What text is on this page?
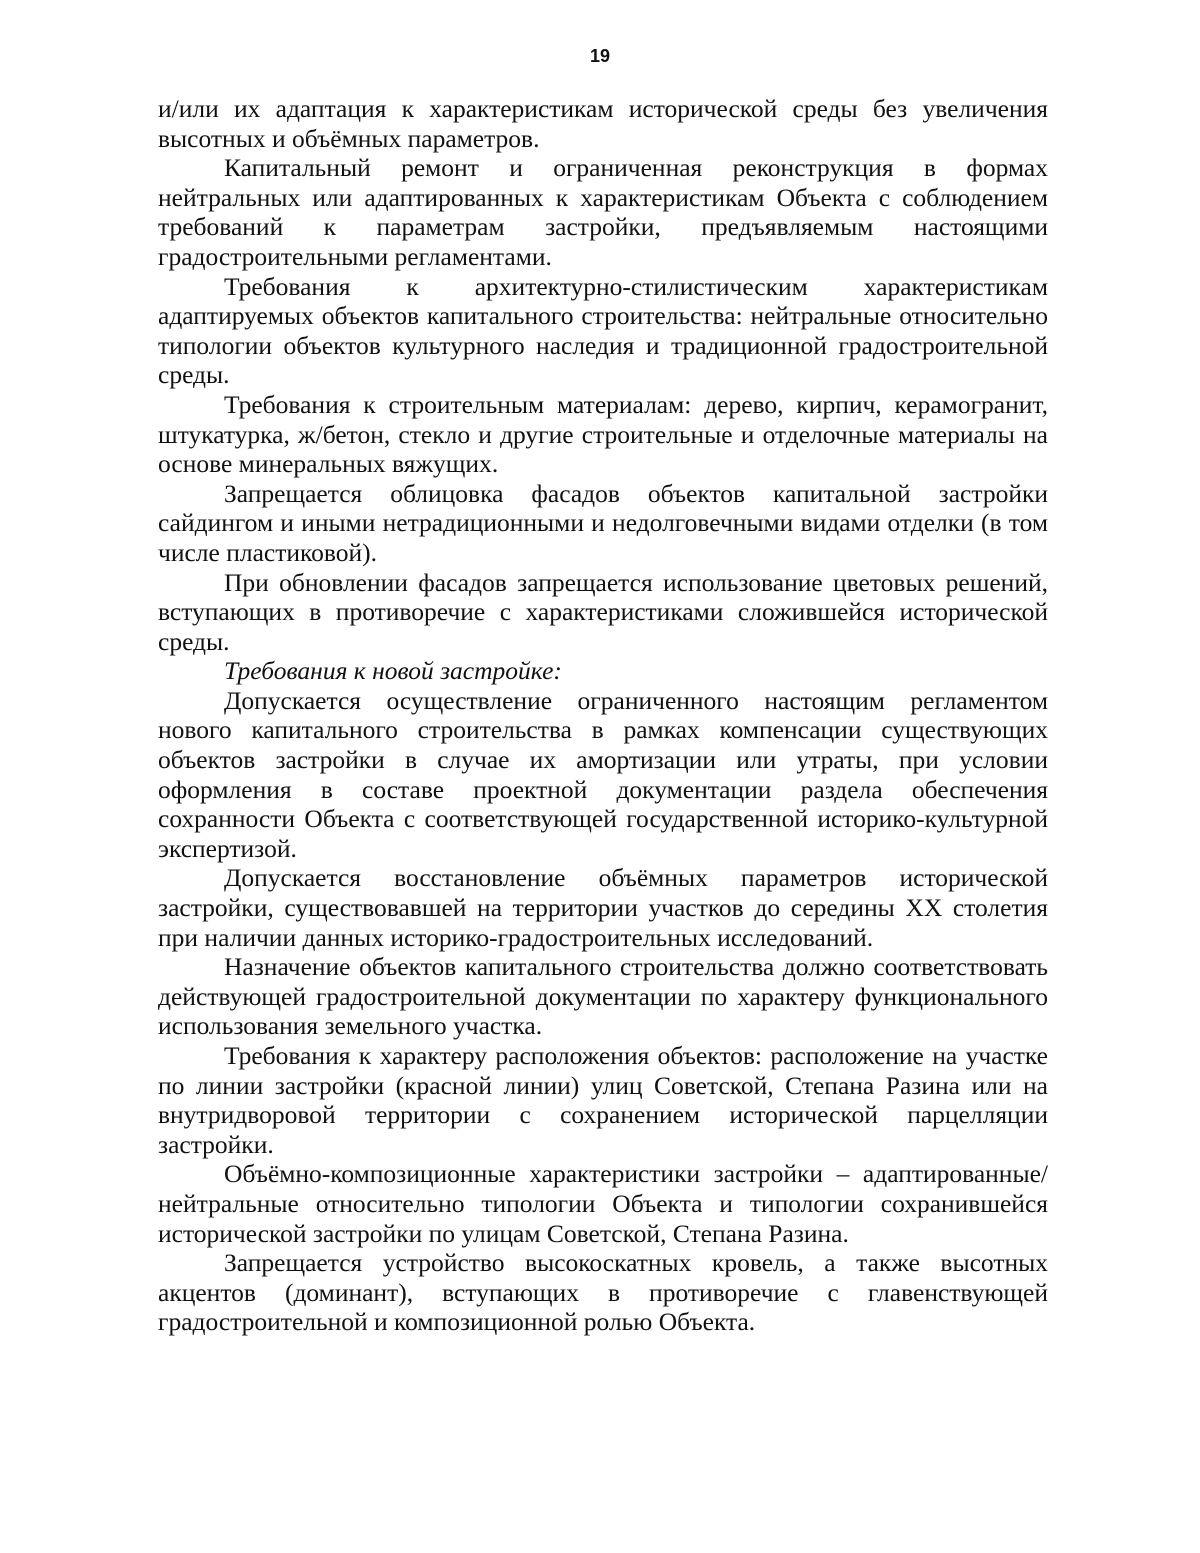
19

и/или их адаптация к характеристикам исторической среды без увеличения высотных и объёмных параметров.

Капитальный ремонт и ограниченная реконструкция в формах нейтральных или адаптированных к характеристикам Объекта с соблюдением требований к параметрам застройки, предъявляемым настоящими градостроительными регламентами.

Требования к архитектурно-стилистическим характеристикам адаптируемых объектов капитального строительства: нейтральные относительно типологии объектов культурного наследия и традиционной градостроительной среды.

Требования к строительным материалам: дерево, кирпич, керамогранит, штукатурка, ж/бетон, стекло и другие строительные и отделочные материалы на основе минеральных вяжущих.

Запрещается облицовка фасадов объектов капитальной застройки сайдингом и иными нетрадиционными и недолговечными видами отделки (в том числе пластиковой).

При обновлении фасадов запрещается использование цветовых решений, вступающих в противоречие с характеристиками сложившейся исторической среды.

Требования к новой застройке:

Допускается осуществление ограниченного настоящим регламентом нового капитального строительства в рамках компенсации существующих объектов застройки в случае их амортизации или утраты, при условии оформления в составе проектной документации раздела обеспечения сохранности Объекта с соответствующей государственной историко-культурной экспертизой.

Допускается восстановление объёмных параметров исторической застройки, существовавшей на территории участков до середины XX столетия при наличии данных историко-градостроительных исследований.

Назначение объектов капитального строительства должно соответствовать действующей градостроительной документации по характеру функционального использования земельного участка.

Требования к характеру расположения объектов: расположение на участке по линии застройки (красной линии) улиц Советской, Степана Разина или на внутридворовой территории с сохранением исторической парцелляции застройки.

Объёмно-композиционные характеристики застройки – адаптированные/ нейтральные относительно типологии Объекта и типологии сохранившейся исторической застройки по улицам Советской, Степана Разина.

Запрещается устройство высокоскатных кровель, а также высотных акцентов (доминант), вступающих в противоречие с главенствующей градостроительной и композиционной ролью Объекта.
